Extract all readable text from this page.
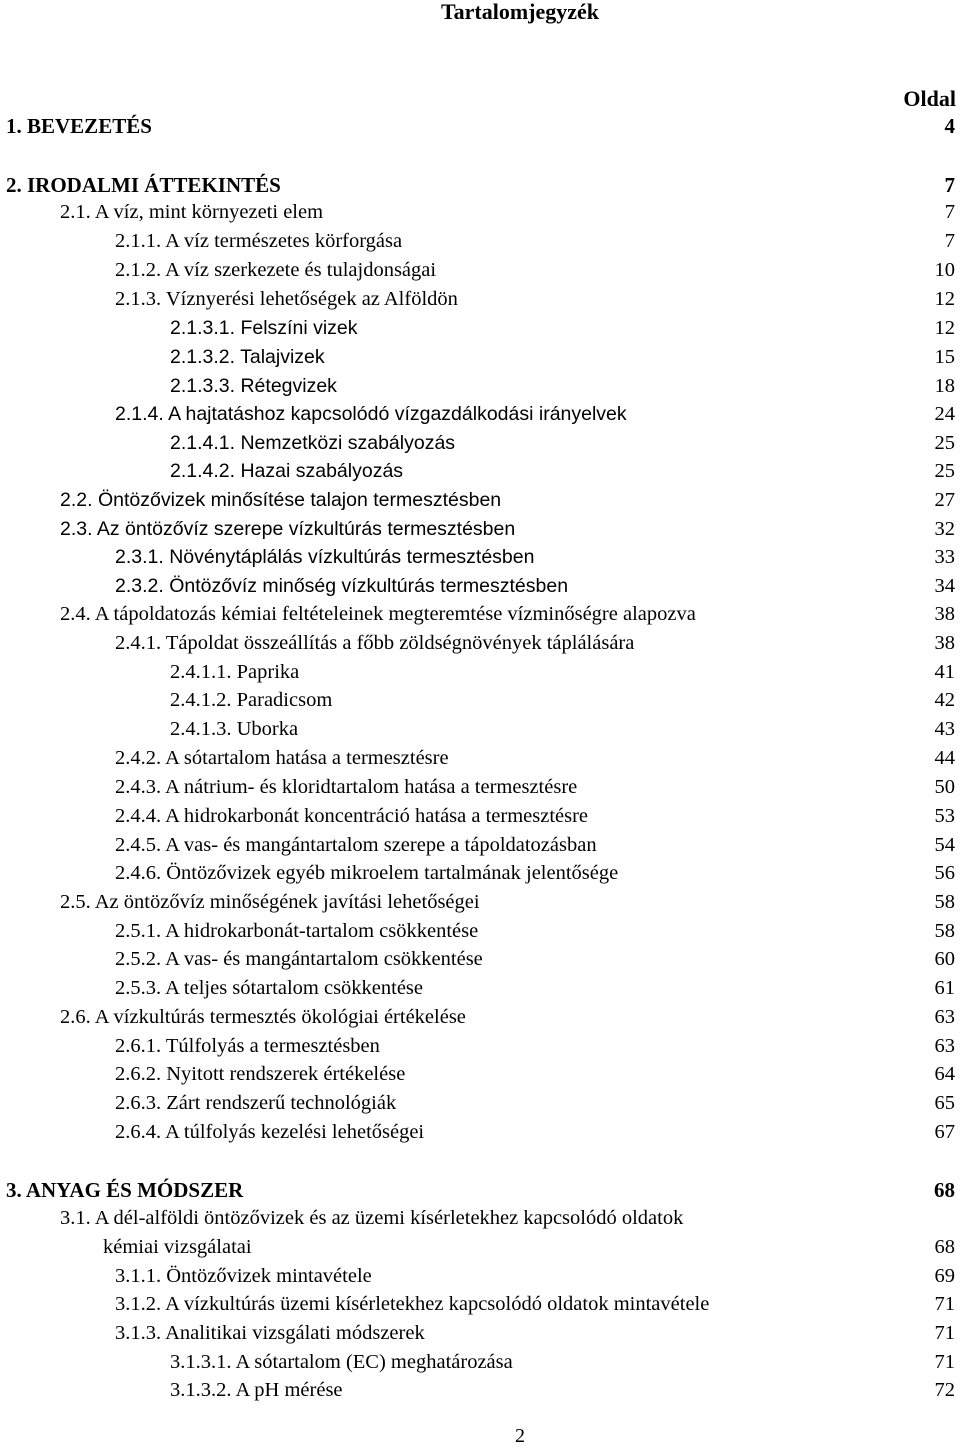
Tartalomjegyzék
Oldal
1. BEVEZETÉS	4
2. IRODALMI ÁTTEKINTÉS	7
2.1. A víz, mint környezeti elem	7
2.1.1. A víz természetes körforgása	7
2.1.2. A víz szerkezete és tulajdonságai	10
2.1.3. Víznyerési lehetőségek az Alföldön	12
2.1.3.1. Felszíni vizek	12
2.1.3.2. Talajvizek	15
2.1.3.3. Rétegvizek	18
2.1.4. A hajtatáshoz kapcsolódó vízgazdálkodási irányelvek	24
2.1.4.1. Nemzetközi szabályozás	25
2.1.4.2. Hazai szabályozás	25
2.2. Öntözővizek minősítése talajon termesztésben	27
2.3. Az öntözővíz szerepe vízkultúrás termesztésben	32
2.3.1. Növénytáplálás vízkultúrás termesztésben	33
2.3.2. Öntözővíz minőség vízkultúrás termesztésben	34
2.4. A tápoldatozás kémiai feltételeinek megteremtése vízminőségre alapozva	38
2.4.1. Tápoldat összeállítás a főbb zöldségnövények táplálására	38
2.4.1.1. Paprika	41
2.4.1.2. Paradicsom	42
2.4.1.3. Uborka	43
2.4.2. A sótartalom hatása a termesztésre	44
2.4.3. A nátrium- és kloridtartalom hatása a termesztésre	50
2.4.4. A hidrokarbonát koncentráció hatása a termesztésre	53
2.4.5. A vas- és mangántartalom szerepe a tápoldatozásban	54
2.4.6. Öntözővizek egyéb mikroelem tartalmának jelentősége	56
2.5. Az öntözővíz minőségének javítási lehetőségei	58
2.5.1. A hidrokarbonát-tartalom csökkentése	58
2.5.2. A vas- és mangántartalom csökkentése	60
2.5.3. A teljes sótartalom csökkentése	61
2.6. A vízkultúrás termesztés ökológiai értékelése	63
2.6.1. Túlfolyás a termesztésben	63
2.6.2. Nyitott rendszerek értékelése	64
2.6.3. Zárt rendszerű technológiák	65
2.6.4. A túlfolyás kezelési lehetőségei	67
3. ANYAG ÉS MÓDSZER	68
3.1. A dél-alföldi öntözővizek és az üzemi kísérletekhez kapcsolódó oldatok
kémiai vizsgálatai	68
3.1.1. Öntözővizek mintavétele	69
3.1.2. A vízkultúrás üzemi kísérletekhez kapcsolódó oldatok mintavétele	71
3.1.3. Analitikai vizsgálati módszerek	71
3.1.3.1. A sótartalom (EC) meghatározása	71
3.1.3.2. A pH mérése	72
2
